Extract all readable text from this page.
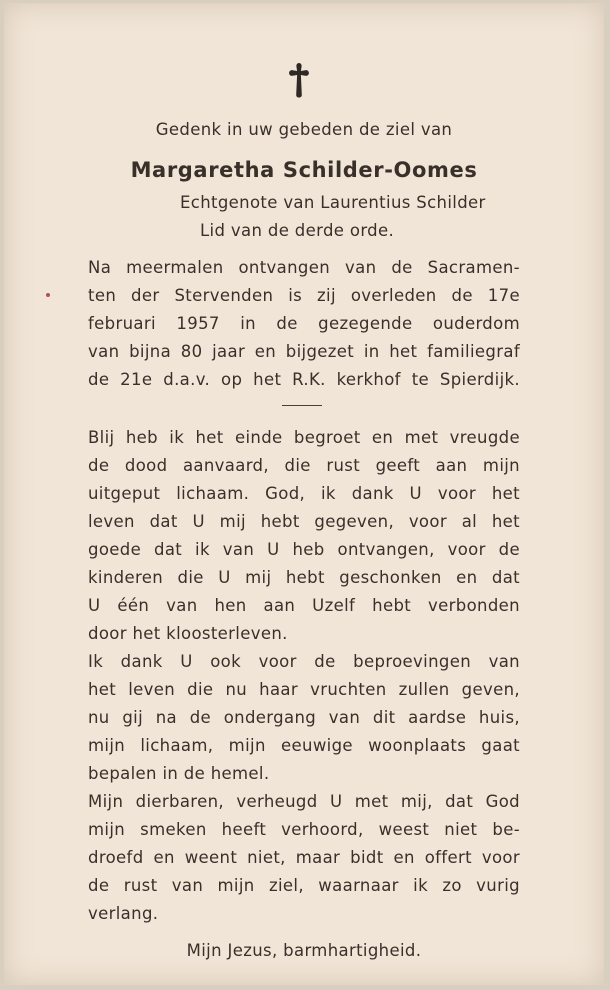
Gedenk in uw gebeden de ziel van
Margaretha Schilder-Oomes
Echtgenote van Laurentius Schilder
Lid van de derde orde.
Na meermalen ontvangen van de Sacramen-
ten der Stervenden is zij overleden de 17e
februari 1957 in de gezegende ouderdom
van bijna 80 jaar en bijgezet in het familiegraf
de 21e d.a.v. op het R.K. kerkhof te Spierdijk.
Blij heb ik het einde begroet en met vreugde
de dood aanvaard, die rust geeft aan mijn
uitgeput lichaam. God, ik dank U voor het
leven dat U mij hebt gegeven, voor al het
goede dat ik van U heb ontvangen, voor de
kinderen die U mij hebt geschonken en dat
U één van hen aan Uzelf hebt verbonden
door het kloosterleven.
Ik dank U ook voor de beproevingen van
het leven die nu haar vruchten zullen geven,
nu gij na de ondergang van dit aardse huis,
mijn lichaam, mijn eeuwige woonplaats gaat
bepalen in de hemel.
Mijn dierbaren, verheugd U met mij, dat God
mijn smeken heeft verhoord, weest niet be-
droefd en weent niet, maar bidt en offert voor
de rust van mijn ziel, waarnaar ik zo vurig
verlang.
Mijn Jezus, barmhartigheid.
